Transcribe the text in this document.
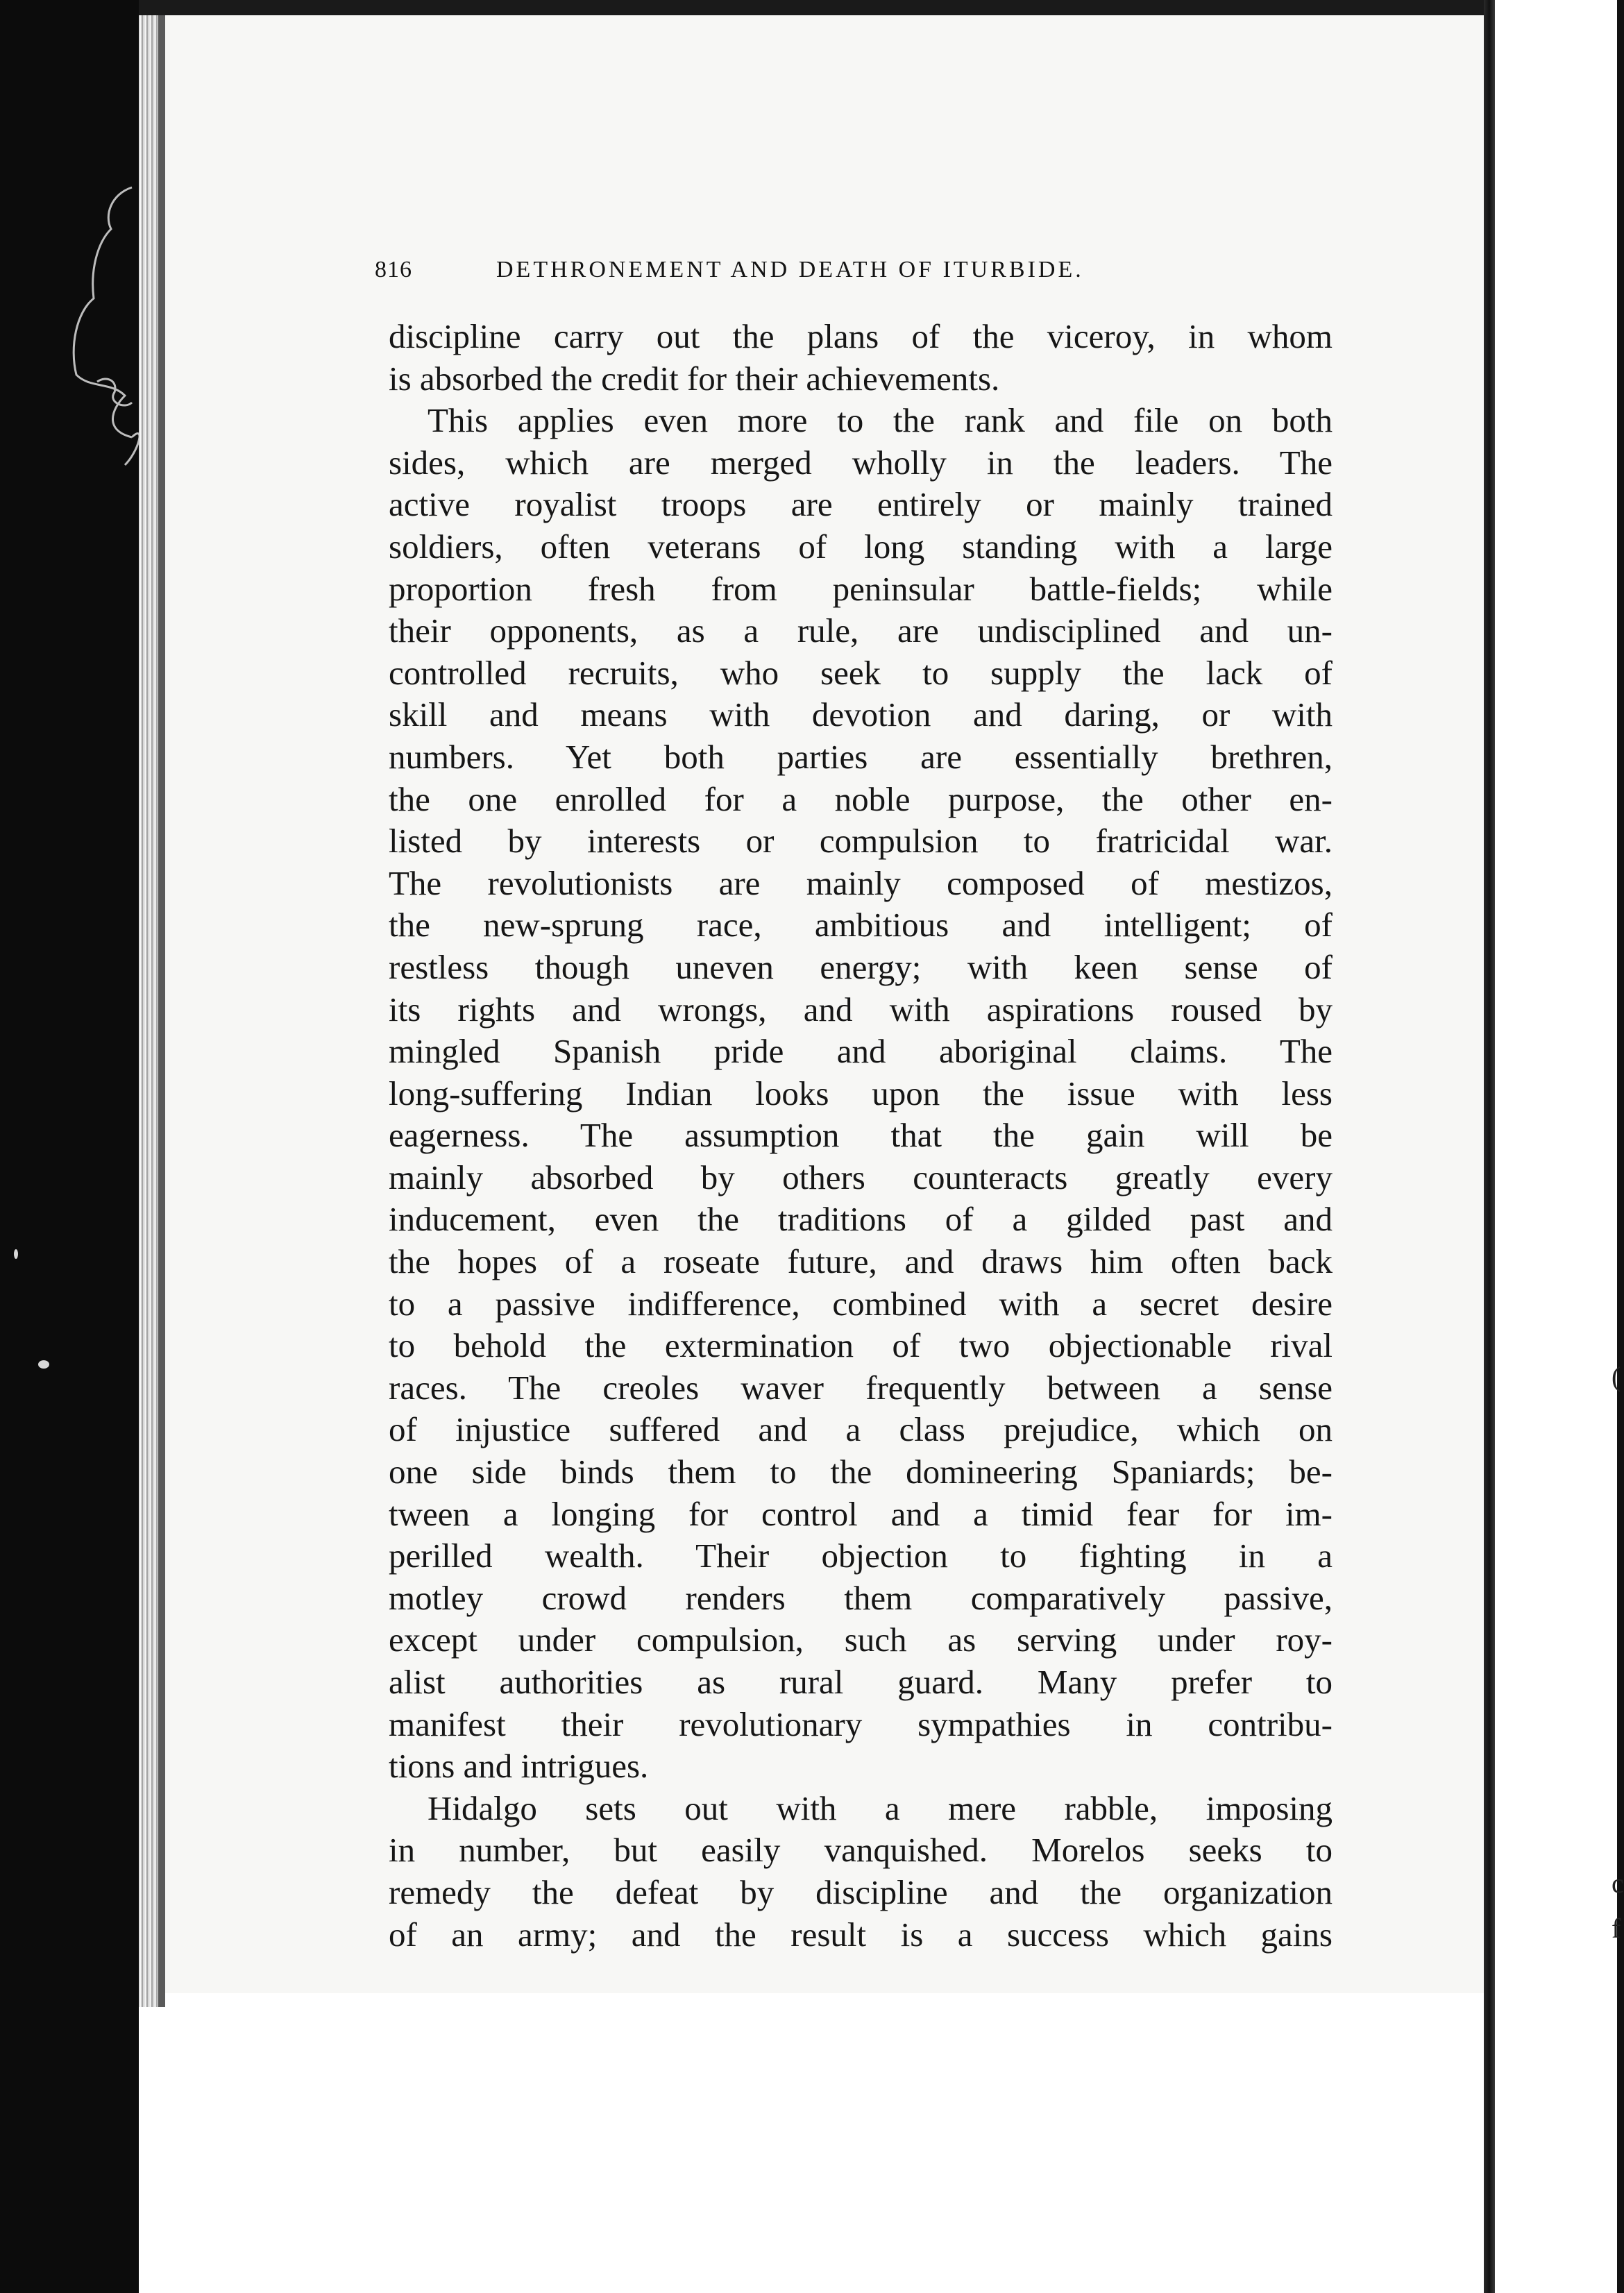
(
c
f
816	DETHRONEMENT AND DEATH OF ITURBIDE.
discipline carry out the plans of the viceroy, in whom
is absorbed the credit for their achievements.
This applies even more to the rank and file on both
sides, which are merged wholly in the leaders. The
active royalist troops are entirely or mainly trained
soldiers, often veterans of long standing with a large
proportion fresh from peninsular battle-fields; while
their opponents, as a rule, are undisciplined and un-
controlled recruits, who seek to supply the lack of
skill and means with devotion and daring, or with
numbers. Yet both parties are essentially brethren,
the one enrolled for a noble purpose, the other en-
listed by interests or compulsion to fratricidal war.
The revolutionists are mainly composed of mestizos,
the new-sprung race, ambitious and intelligent; of
restless though uneven energy; with keen sense of
its rights and wrongs, and with aspirations roused by
mingled Spanish pride and aboriginal claims. The
long-suffering Indian looks upon the issue with less
eagerness. The assumption that the gain will be
mainly absorbed by others counteracts greatly every
inducement, even the traditions of a gilded past and
the hopes of a roseate future, and draws him often back
to a passive indifference, combined with a secret desire
to behold the extermination of two objectionable rival
races. The creoles waver frequently between a sense
of injustice suffered and a class prejudice, which on
one side binds them to the domineering Spaniards; be-
tween a longing for control and a timid fear for im-
perilled wealth. Their objection to fighting in a
motley crowd renders them comparatively passive,
except under compulsion, such as serving under roy-
alist authorities as rural guard. Many prefer to
manifest their revolutionary sympathies in contribu-
tions and intrigues.
Hidalgo sets out with a mere rabble, imposing
in number, but easily vanquished. Morelos seeks to
remedy the defeat by discipline and the organization
of an army; and the result is a success which gains
